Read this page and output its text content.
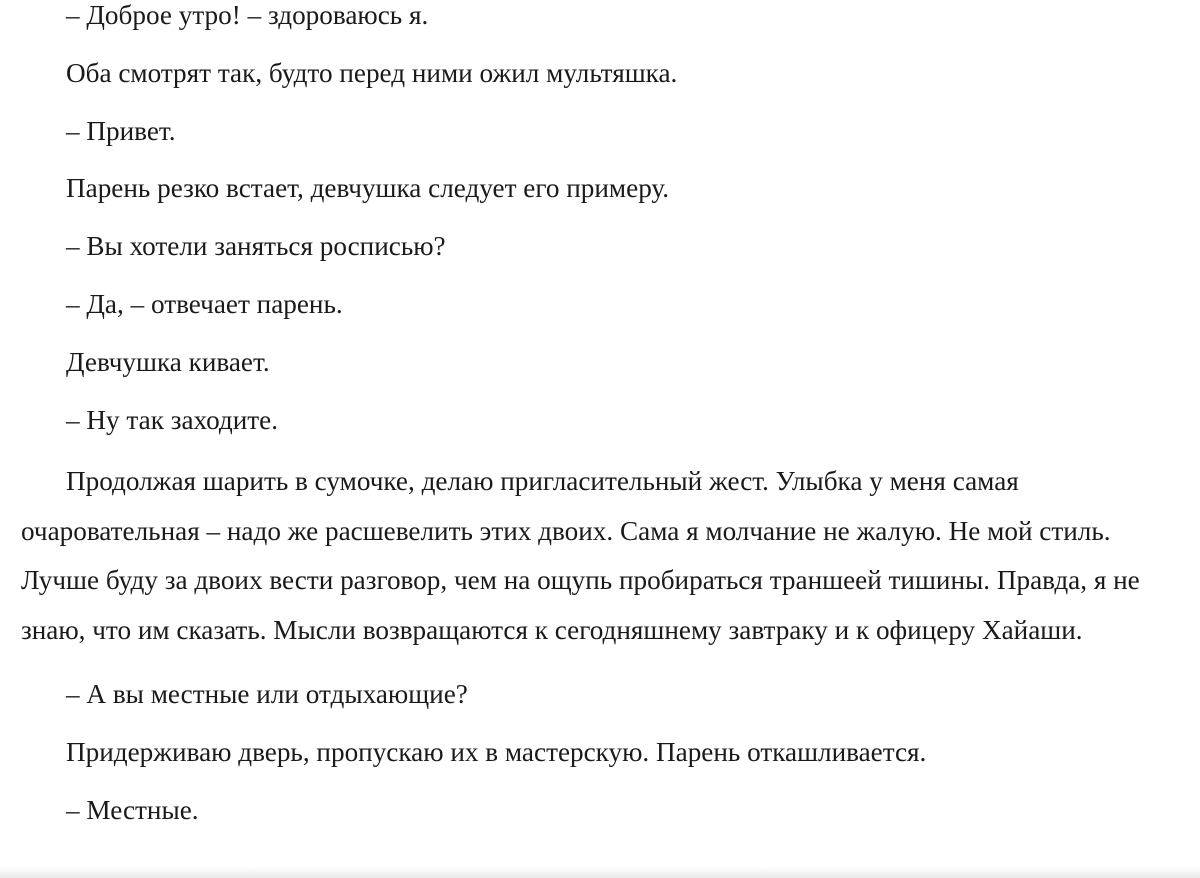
– Доброе утро! – здороваюсь я.

Оба смотрят так, будто перед ними ожил мультяшка.

– Привет.

Парень резко встает, девчушка следует его примеру.

– Вы хотели заняться росписью?

– Да, – отвечает парень.

Девчушка кивает.

– Ну так заходите.

Продолжая шарить в сумочке, делаю пригласительный жест. Улыбка у меня самая очаровательная – надо же расшевелить этих двоих. Сама я молчание не жалую. Не мой стиль. Лучше буду за двоих вести разговор, чем на ощупь пробираться траншеей тишины. Правда, я не знаю, что им сказать. Мысли возвращаются к сегодняшнему завтраку и к офицеру Хайаши.

– А вы местные или отдыхающие?

Придерживаю дверь, пропускаю их в мастерскую. Парень откашливается.

– Местные.
